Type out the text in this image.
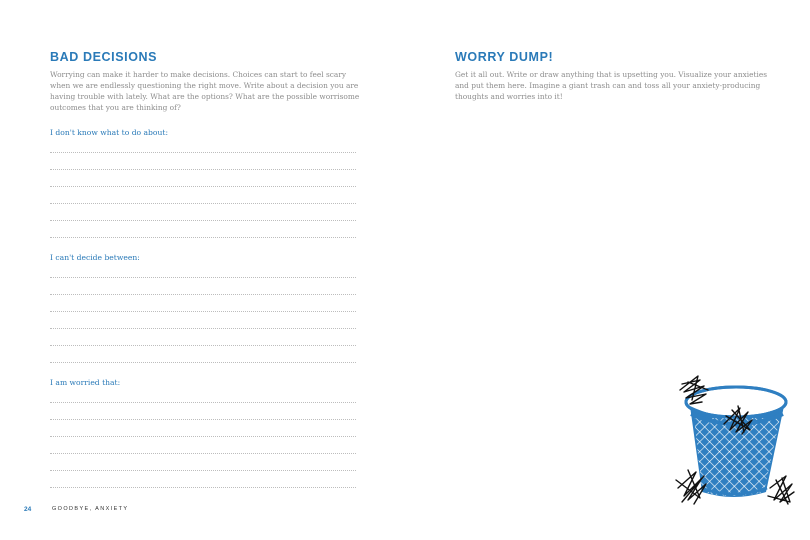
BAD DECISIONS

Worrying can make it harder to make decisions. Choices can start to feel scary

when we are endlessly questioning the right move. Write about a decision you are

having trouble with lately. What are the options? What are the possible worrisome

outcomes that you are thinking of?

I don't know what to do about:

I can't decide between:

I am worried that:

24	GOODBYE, ANXIETY
WORRY DUMP!

Get it all out. Write or draw anything that is upsetting you. Visualize your anxieties

and put them here. Imagine a giant trash can and toss all your anxiety-producing

thoughts and worries into it!
